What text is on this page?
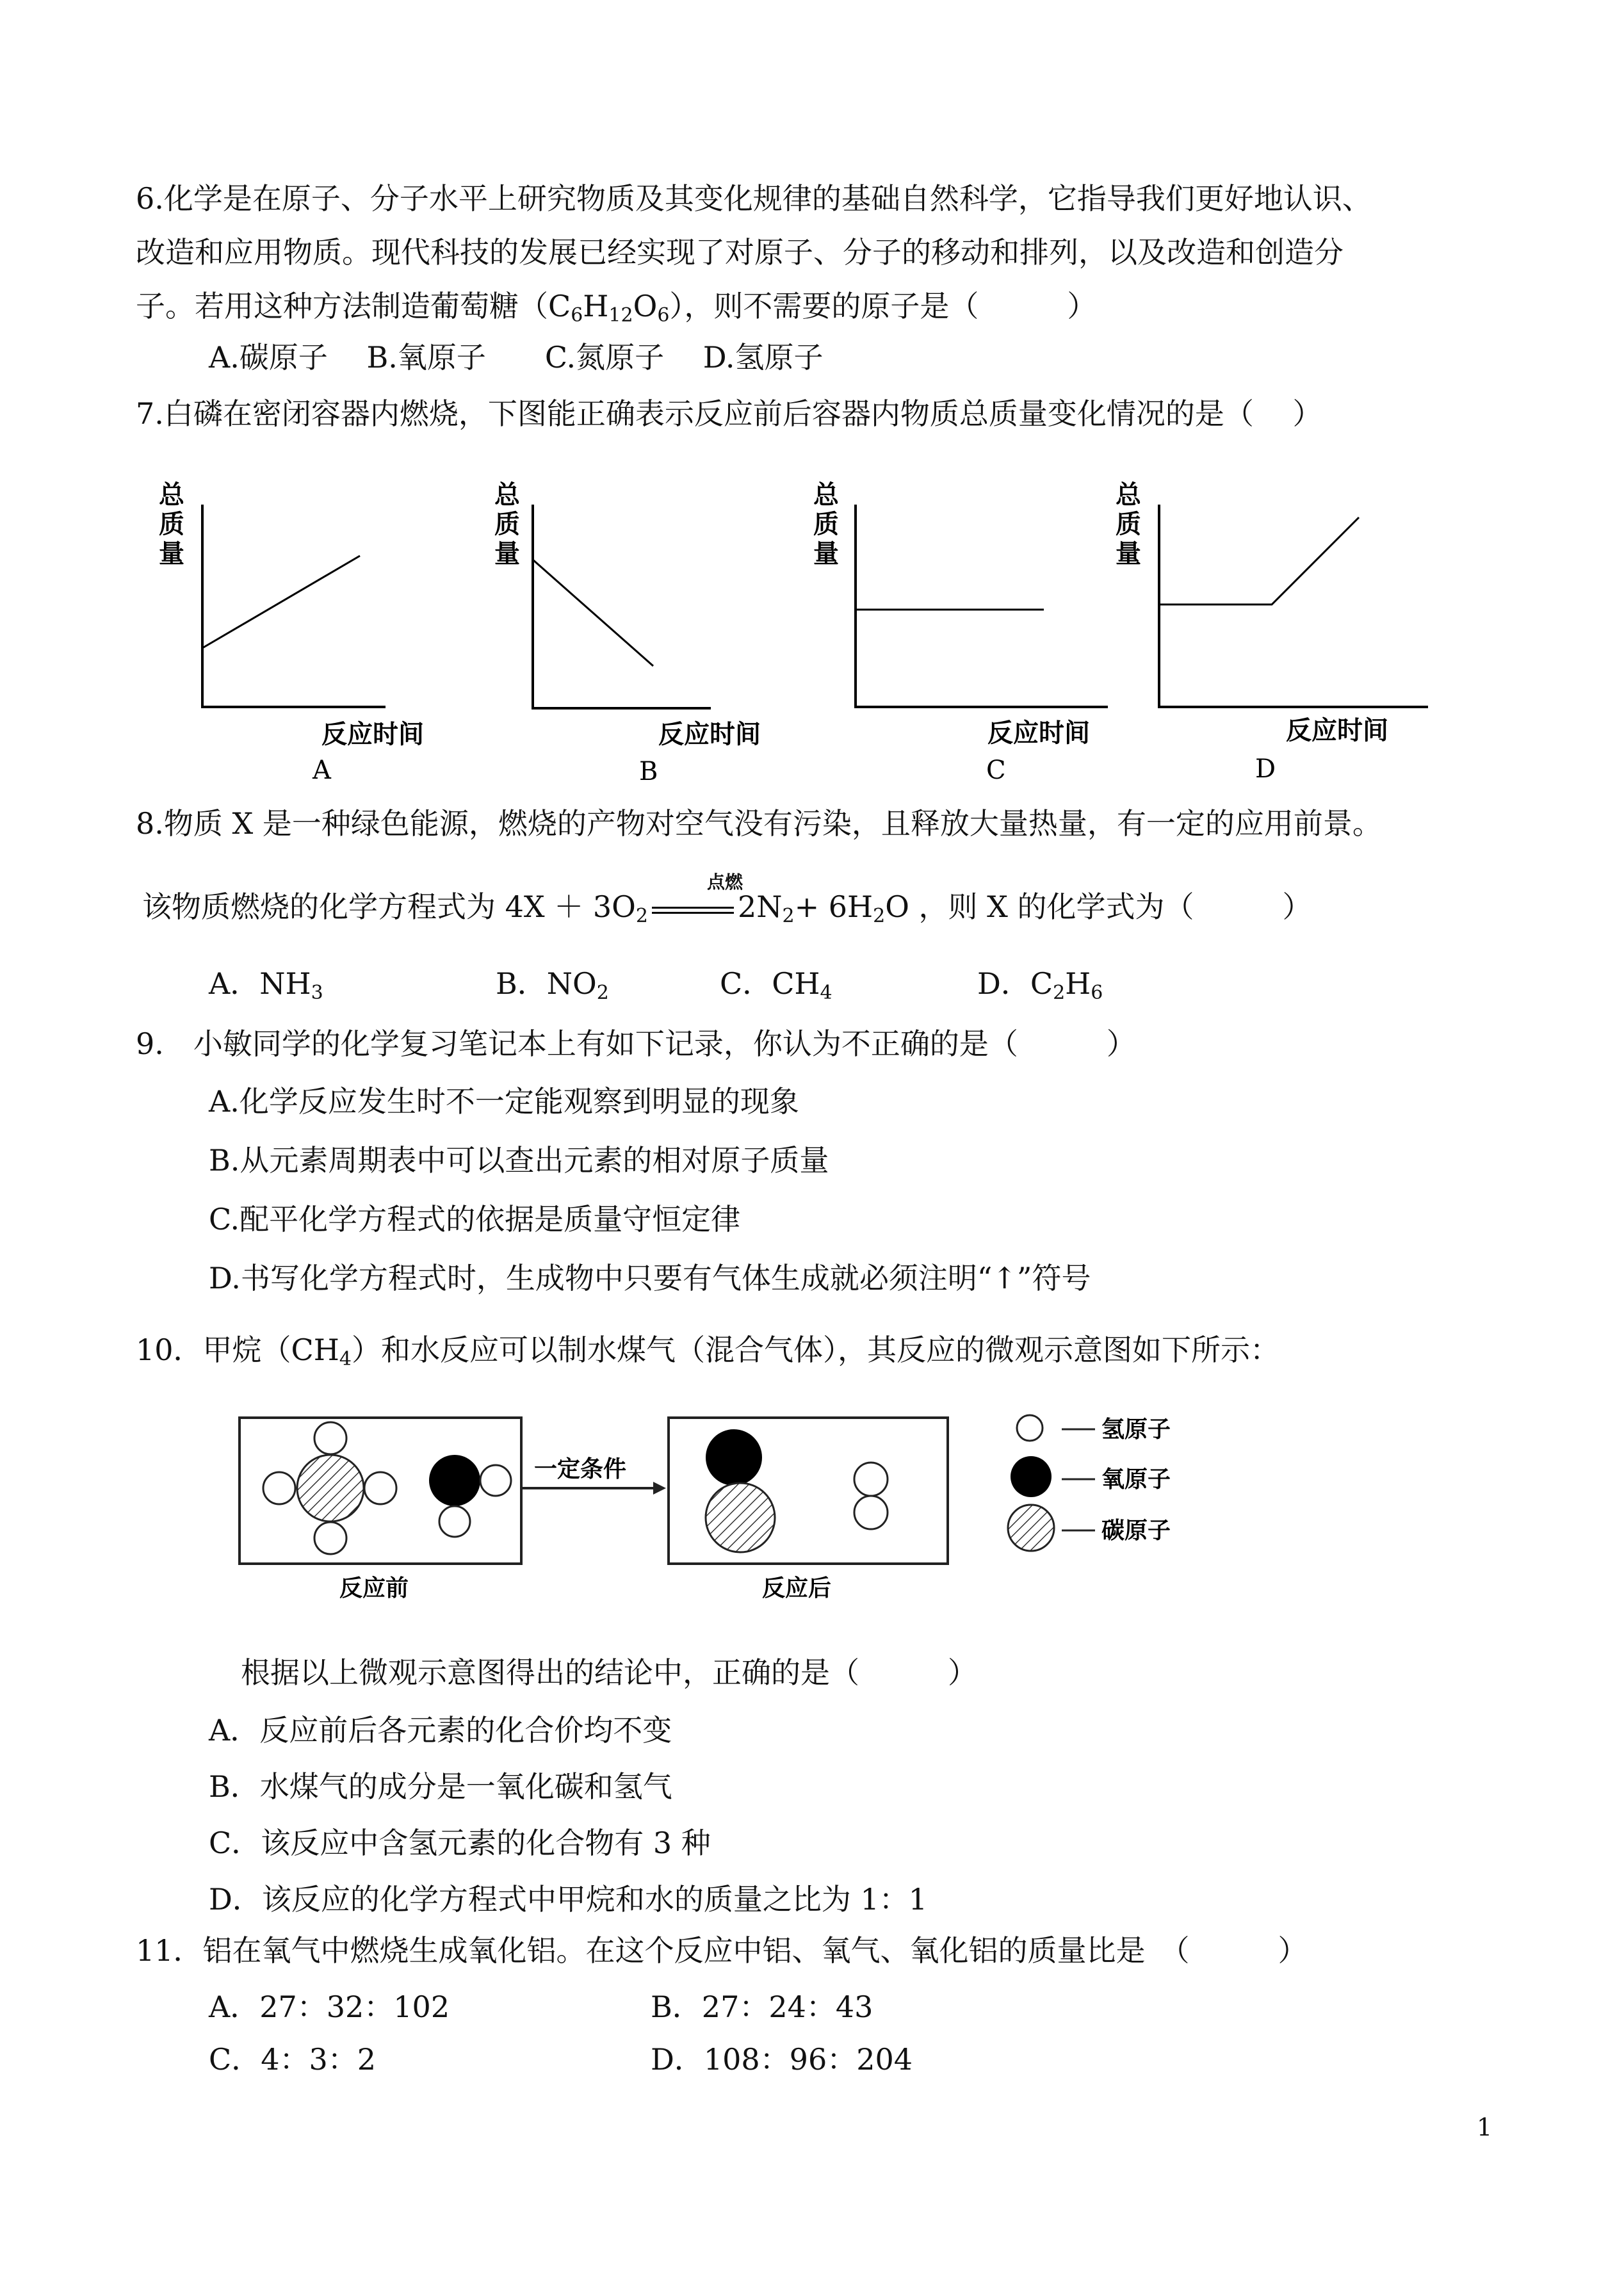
6.化学是在原子、分子水平上研究物质及其变化规律的基础自然科学，它指导我们更好地认识、
改造和应用物质。现代科技的发展已经实现了对原子、分子的移动和排列，以及改造和创造分
子。若用这种方法制造葡萄糖$(C_6H_{12}O_6)$，则不需要的原子是（　　　）
A.碳原子　 B.氧原子　　C.氮原子　 D.氢原子
7.白磷在密闭容器内燃烧，下图能正确表示反应前后容器内物质总质量变化情况的是（　 ）
总
质
量
反应时间
A
总
质
量
反应时间
B
总
质
量
反应时间
C
总
质
量
反应时间
D
8.物质 X 是一种绿色能源，燃烧的产物对空气没有污染，且释放大量热量，有一定的应用前景。
该物质燃烧的化学方程式为 $4X + 3O_2$	$2N_2+ 6H_2O$ ，则 X 的化学式为（　　　）
点燃
A．$NH_3$	B．$NO_2$	C．$CH_4$	D．$C_2H_6$
9.　小敏同学的化学复习笔记本上有如下记录，你认为不正确的是（　　　）
A.化学反应发生时不一定能观察到明显的现象
B.从元素周期表中可以查出元素的相对原子质量
C.配平化学方程式的依据是质量守恒定律
D.书写化学方程式时，生成物中只要有气体生成就必须注明“↑”符号
10．甲烷$(CH_4)$和水反应可以制水煤气（混合气体），其反应的微观示意图如下所示：
反应前
一定条件
反应后
氢原子
氧原子
碳原子
根据以上微观示意图得出的结论中，正确的是（　　　）
A．反应前后各元素的化合价均不变
B．水煤气的成分是一氧化碳和氢气
C．该反应中含氢元素的化合物有 3 种
D．该反应的化学方程式中甲烷和水的质量之比为 1：1
11．铝在氧气中燃烧生成氧化铝。在这个反应中铝、氧气、氧化铝的质量比是　（　　　）
A．27：32：102	B．27：24：43
C．4：3：2	D．108：96：204
1
